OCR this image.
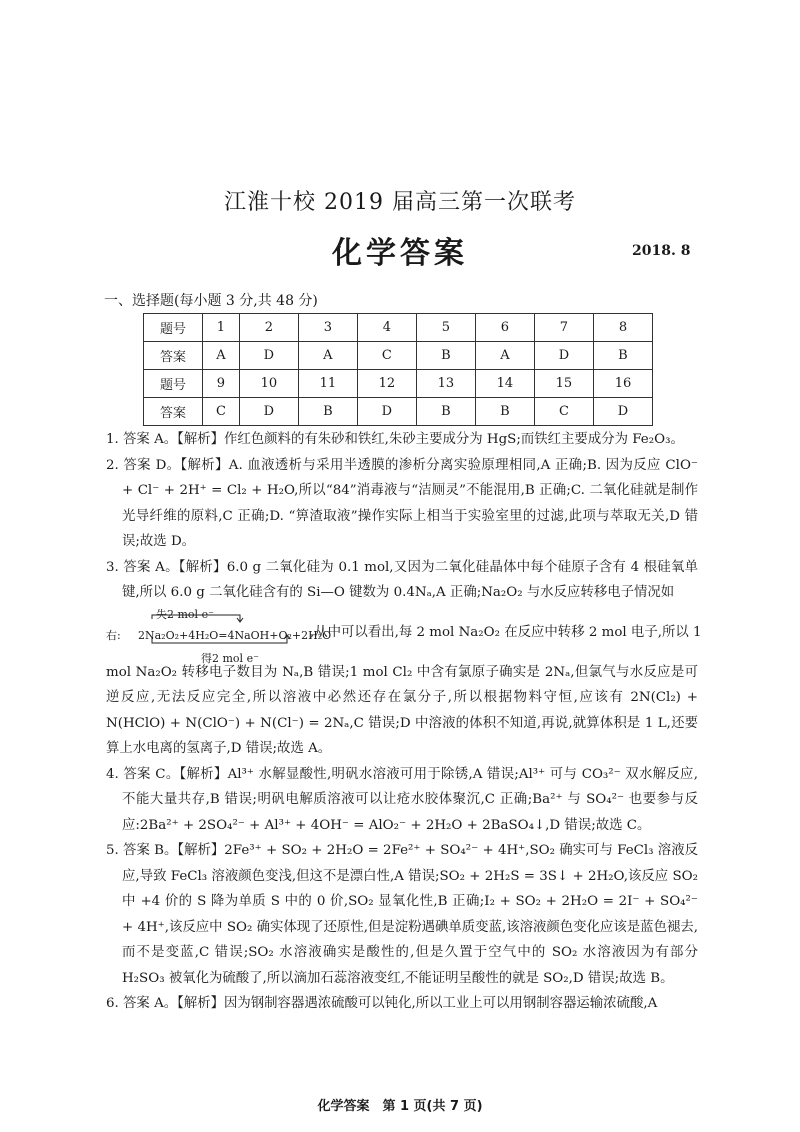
江淮十校 2019 届高三第一次联考
化学答案	2018. 8
一、选择题(每小题 3 分,共 48 分)
题号	1	2	3	4	5	6	7	8
答案	A	D	A	C	B	A	D	B
题号	9	10	11	12	13	14	15	16
答案	C	D	B	D	B	B	C	D

1. 答案 A。【解析】作红色颜料的有朱砂和铁红,朱砂主要成分为 HgS;而铁红主要成分为 Fe₂O₃。

2. 答案 D。【解析】A. 血液透析与采用半透膜的渗析分离实验原理相同,A 正确;B. 因为反应 ClO⁻ + Cl⁻ + 2H⁺ = Cl₂ + H₂O,所以“84”消毒液与“洁厕灵”不能混用,B 正确;C. 二氧化硅就是制作光导纤维的原料,C 正确;D. “箅渣取液”操作实际上相当于实验室里的过滤,此项与萃取无关,D 错误;故选 D。

3. 答案 A。【解析】6.0 g 二氧化硅为 0.1 mol,又因为二氧化硅晶体中每个硅原子含有 4 根硅氧单键,所以 6.0 g 二氧化硅含有的 Si—O 键数为 0.4Nₐ,A 正确;Na₂O₂ 与水反应转移电子情况如

失2 mol e⁻
右: 2Na₂O₂+4H₂O=4NaOH+O₂+2H₂O
得2 mol e⁻
,从中可以看出,每 2 mol Na₂O₂ 在反应中转移 2 mol 电子,所以 1

mol Na₂O₂ 转移电子数目为 Nₐ,B 错误;1 mol Cl₂ 中含有氯原子确实是 2Nₐ,但氯气与水反应是可逆反应,无法反应完全,所以溶液中必然还存在氯分子,所以根据物料守恒,应该有 2N(Cl₂) + N(HClO) + N(ClO⁻) + N(Cl⁻) = 2Nₐ,C 错误;D 中溶液的体积不知道,再说,就算体积是 1 L,还要算上水电离的氢离子,D 错误;故选 A。

4. 答案 C。【解析】Al³⁺ 水解显酸性,明矾水溶液可用于除锈,A 错误;Al³⁺ 可与 CO₃²⁻ 双水解反应,不能大量共存,B 错误;明矾电解质溶液可以让疮水胶体聚沉,C 正确;Ba²⁺ 与 SO₄²⁻ 也要参与反应:2Ba²⁺ + 2SO₄²⁻ + Al³⁺ + 4OH⁻ = AlO₂⁻ + 2H₂O + 2BaSO₄↓,D 错误;故选 C。

5. 答案 B。【解析】2Fe³⁺ + SO₂ + 2H₂O = 2Fe²⁺ + SO₄²⁻ + 4H⁺,SO₂ 确实可与 FeCl₃ 溶液反应,导致 FeCl₃ 溶液颜色变浅,但这不是漂白性,A 错误;SO₂ + 2H₂S = 3S↓ + 2H₂O,该反应 SO₂ 中 +4 价的 S 降为单质 S 中的 0 价,SO₂ 显氧化性,B 正确;I₂ + SO₂ + 2H₂O = 2I⁻ + SO₄²⁻ + 4H⁺,该反应中 SO₂ 确实体现了还原性,但是淀粉遇碘单质变蓝,该溶液颜色变化应该是蓝色褪去,而不是变蓝,C 错误;SO₂ 水溶液确实是酸性的,但是久置于空气中的 SO₂ 水溶液因为有部分 H₂SO₃ 被氧化为硫酸了,所以滴加石蕊溶液变红,不能证明呈酸性的就是 SO₂,D 错误;故选 B。

6. 答案 A。【解析】因为钢制容器遇浓硫酸可以钝化,所以工业上可以用钢制容器运输浓硫酸,A

化学答案　第 1 页(共 7 页)
